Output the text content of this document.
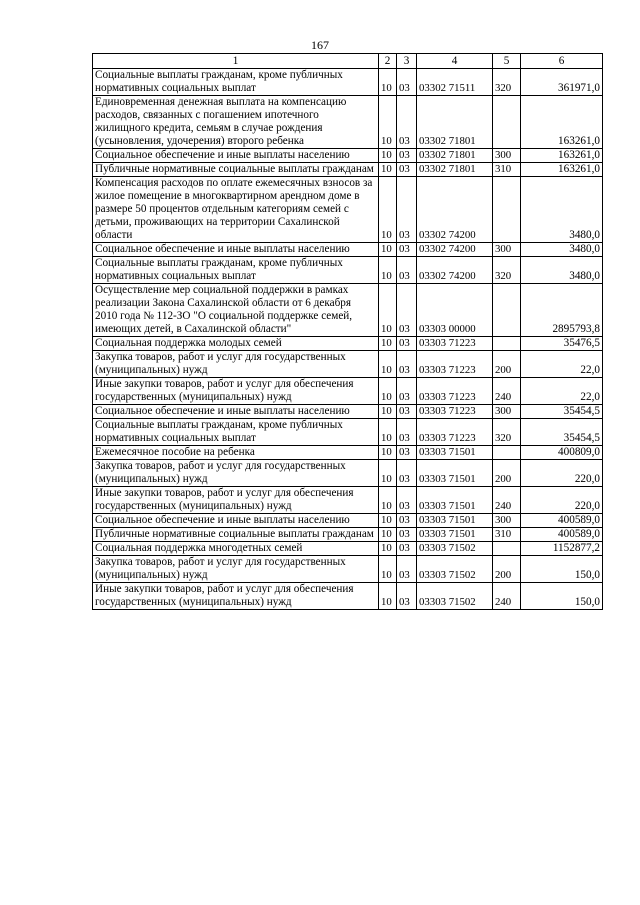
167
1	2	3	4	5	6
Социальные выплаты гражданам, кроме публичных нормативных социальных выплат	10	03	03302 71511	320	361971,0
Единовременная денежная выплата на компенсацию расходов, связанных с погашением ипотечного жилищного кредита, семьям в случае рождения (усыновления, удочерения) второго ребенка	10	03	03302 71801		163261,0
Социальное обеспечение и иные выплаты населению	10	03	03302 71801	300	163261,0
Публичные нормативные социальные выплаты гражданам	10	03	03302 71801	310	163261,0
Компенсация расходов по оплате ежемесячных взносов за жилое помещение в многоквартирном арендном доме в размере 50 процентов отдельным категориям семей с детьми, проживающих на территории Сахалинской области	10	03	03302 74200		3480,0
Социальное обеспечение и иные выплаты населению	10	03	03302 74200	300	3480,0
Социальные выплаты гражданам, кроме публичных нормативных социальных выплат	10	03	03302 74200	320	3480,0
Осуществление мер социальной поддержки в рамках реализации Закона Сахалинской области от 6 декабря 2010 года № 112-ЗО "О социальной поддержке семей, имеющих детей, в Сахалинской области"	10	03	03303 00000		2895793,8
Социальная поддержка молодых семей	10	03	03303 71223		35476,5
Закупка товаров, работ и услуг для государственных (муниципальных) нужд	10	03	03303 71223	200	22,0
Иные закупки товаров, работ и услуг для обеспечения государственных (муниципальных) нужд	10	03	03303 71223	240	22,0
Социальное обеспечение и иные выплаты населению	10	03	03303 71223	300	35454,5
Социальные выплаты гражданам, кроме публичных нормативных социальных выплат	10	03	03303 71223	320	35454,5
Ежемесячное пособие на ребенка	10	03	03303 71501		400809,0
Закупка товаров, работ и услуг для государственных (муниципальных) нужд	10	03	03303 71501	200	220,0
Иные закупки товаров, работ и услуг для обеспечения государственных (муниципальных) нужд	10	03	03303 71501	240	220,0
Социальное обеспечение и иные выплаты населению	10	03	03303 71501	300	400589,0
Публичные нормативные социальные выплаты гражданам	10	03	03303 71501	310	400589,0
Социальная поддержка многодетных семей	10	03	03303 71502		1152877,2
Закупка товаров, работ и услуг для государственных (муниципальных) нужд	10	03	03303 71502	200	150,0
Иные закупки товаров, работ и услуг для обеспечения государственных (муниципальных) нужд	10	03	03303 71502	240	150,0
